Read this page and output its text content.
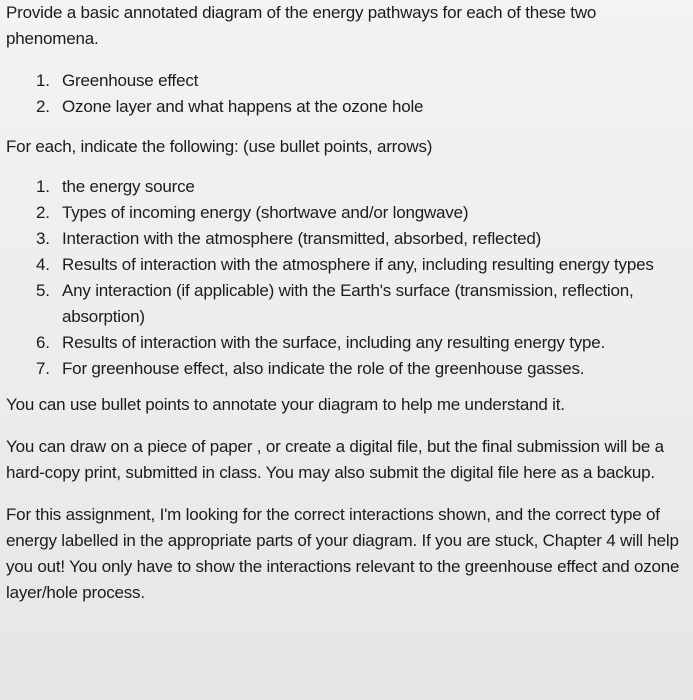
Provide a basic annotated diagram of the energy pathways for each of these two phenomena.

1. Greenhouse effect
2. Ozone layer and what happens at the ozone hole

For each, indicate the following: (use bullet points, arrows)

1. the energy source
2. Types of incoming energy (shortwave and/or longwave)
3. Interaction with the atmosphere (transmitted, absorbed, reflected)
4. Results of interaction with the atmosphere if any, including resulting energy types
5. Any interaction (if applicable) with the Earth's surface (transmission, reflection, absorption)
6. Results of interaction with the surface, including any resulting energy type.
7. For greenhouse effect, also indicate the role of the greenhouse gasses.

You can use bullet points to annotate your diagram to help me understand it.

You can draw on a piece of paper , or create a digital file, but the final submission will be a hard-copy print, submitted in class. You may also submit the digital file here as a backup.

For this assignment, I'm looking for the correct interactions shown, and the correct type of energy labelled in the appropriate parts of your diagram. If you are stuck, Chapter 4 will help you out! You only have to show the interactions relevant to the greenhouse effect and ozone layer/hole process.
